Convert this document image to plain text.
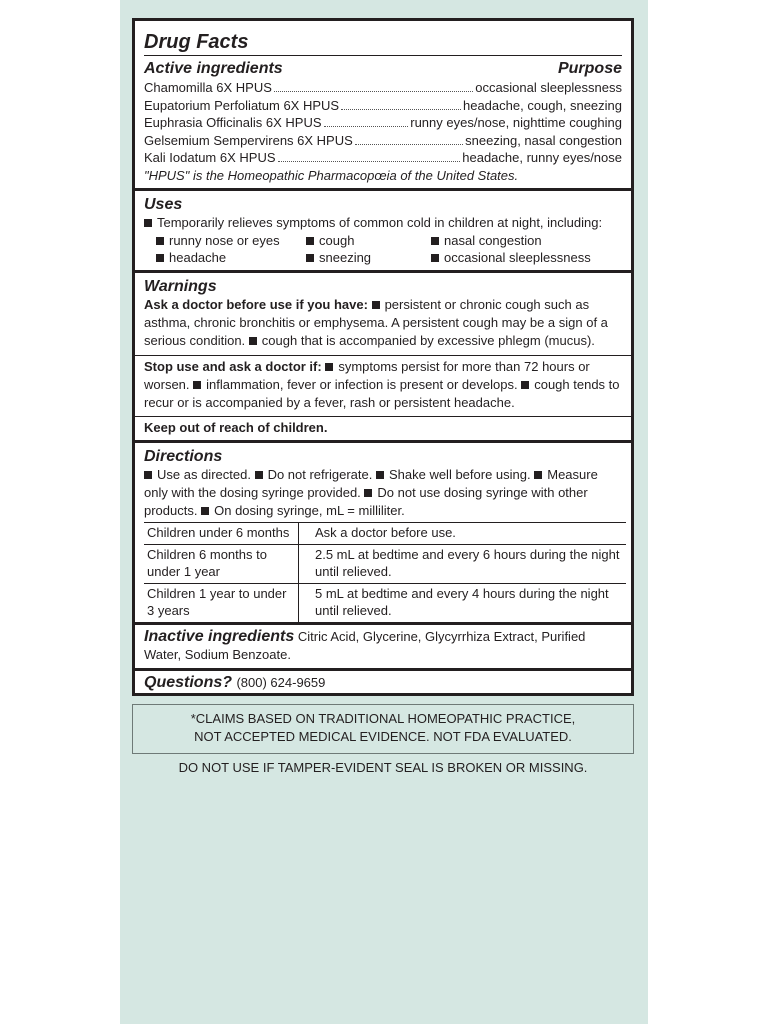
Drug Facts
Active ingredients	Purpose
Chamomilla 6X HPUS	occasional sleeplessness
Eupatorium Perfoliatum 6X HPUS	headache, cough, sneezing
Euphrasia Officinalis 6X HPUS	runny eyes/nose, nighttime coughing
Gelsemium Sempervirens 6X HPUS	sneezing, nasal congestion
Kali Iodatum 6X HPUS	headache, runny eyes/nose
"HPUS" is the Homeopathic Pharmacopœia of the United States.
Uses
Temporarily relieves symptoms of common cold in children at night, including:
runny nose or eyes	cough	nasal congestion
headache	sneezing	occasional sleeplessness
Warnings
Ask a doctor before use if you have: persistent or chronic cough such as asthma, chronic bronchitis or emphysema. A persistent cough may be a sign of a serious condition. cough that is accompanied by excessive phlegm (mucus).
Stop use and ask a doctor if: symptoms persist for more than 72 hours or worsen. inflammation, fever or infection is present or develops. cough tends to recur or is accompanied by a fever, rash or persistent headache.
Keep out of reach of children.
Directions
Use as directed. Do not refrigerate. Shake well before using. Measure only with the dosing syringe provided. Do not use dosing syringe with other products. On dosing syringe, mL = milliliter.
Children under 6 months	Ask a doctor before use.
Children 6 months to under 1 year	2.5 mL at bedtime and every 6 hours during the night until relieved.
Children 1 year to under 3 years	5 mL at bedtime and every 4 hours during the night until relieved.
Inactive ingredients Citric Acid, Glycerine, Glycyrrhiza Extract, Purified Water, Sodium Benzoate.
Questions? (800) 624-9659
*CLAIMS BASED ON TRADITIONAL HOMEOPATHIC PRACTICE,
NOT ACCEPTED MEDICAL EVIDENCE. NOT FDA EVALUATED.
DO NOT USE IF TAMPER-EVIDENT SEAL IS BROKEN OR MISSING.
